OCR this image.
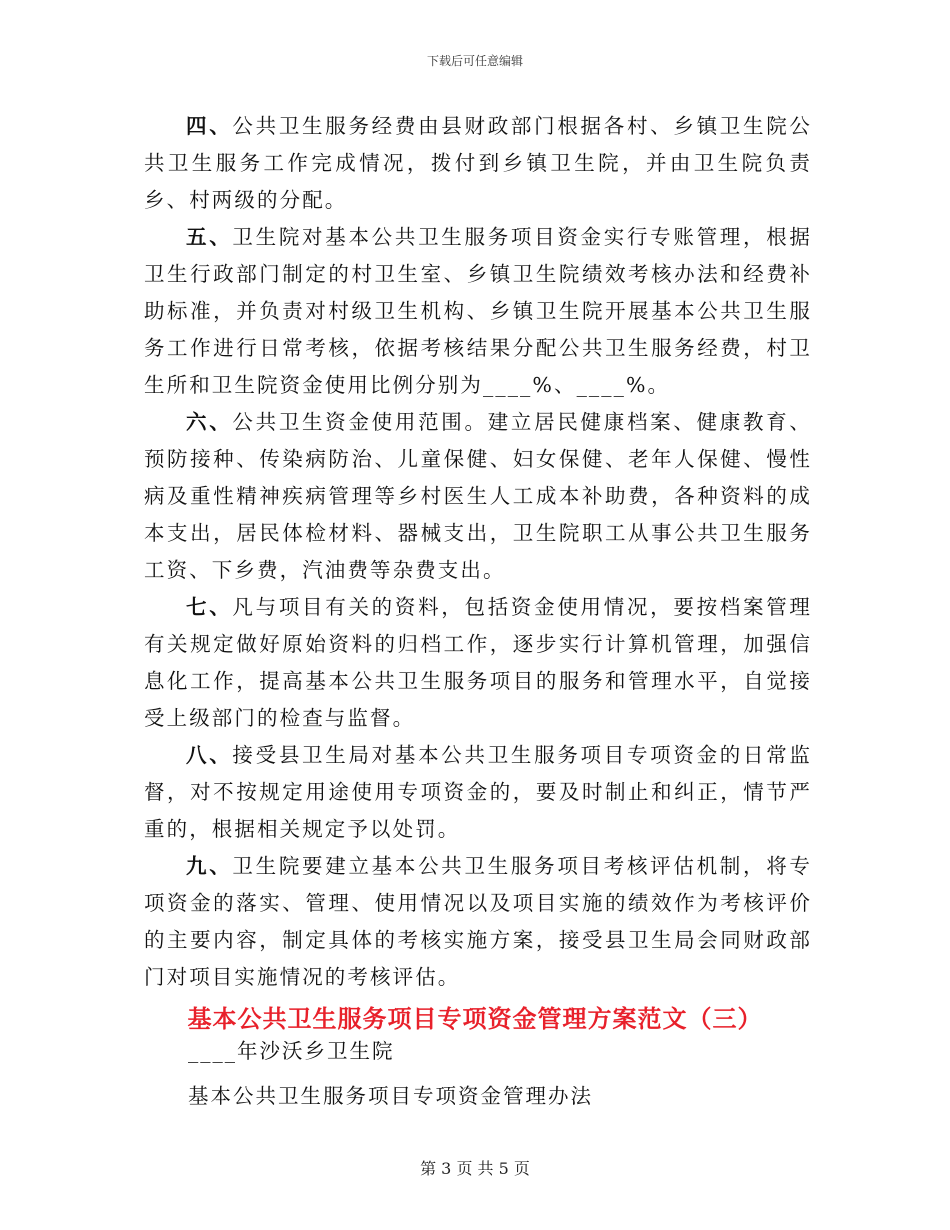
下载后可任意编辑

四、公共卫生服务经费由县财政部门根据各村、乡镇卫生院公共卫生服务工作完成情况，拨付到乡镇卫生院，并由卫生院负责乡、村两级的分配。

五、卫生院对基本公共卫生服务项目资金实行专账管理，根据卫生行政部门制定的村卫生室、乡镇卫生院绩效考核办法和经费补助标准，并负责对村级卫生机构、乡镇卫生院开展基本公共卫生服务工作进行日常考核，依据考核结果分配公共卫生服务经费，村卫生所和卫生院资金使用比例分别为____%、____%。

六、公共卫生资金使用范围。建立居民健康档案、健康教育、预防接种、传染病防治、儿童保健、妇女保健、老年人保健、慢性病及重性精神疾病管理等乡村医生人工成本补助费，各种资料的成本支出，居民体检材料、器械支出，卫生院职工从事公共卫生服务工资、下乡费，汽油费等杂费支出。

七、凡与项目有关的资料，包括资金使用情况，要按档案管理有关规定做好原始资料的归档工作，逐步实行计算机管理，加强信息化工作，提高基本公共卫生服务项目的服务和管理水平，自觉接受上级部门的检查与监督。

八、接受县卫生局对基本公共卫生服务项目专项资金的日常监督，对不按规定用途使用专项资金的，要及时制止和纠正，情节严重的，根据相关规定予以处罚。

九、卫生院要建立基本公共卫生服务项目考核评估机制，将专项资金的落实、管理、使用情况以及项目实施的绩效作为考核评价的主要内容，制定具体的考核实施方案，接受县卫生局会同财政部门对项目实施情况的考核评估。

基本公共卫生服务项目专项资金管理方案范文（三）
____年沙沃乡卫生院
基本公共卫生服务项目专项资金管理办法
第 3 页 共 5 页
